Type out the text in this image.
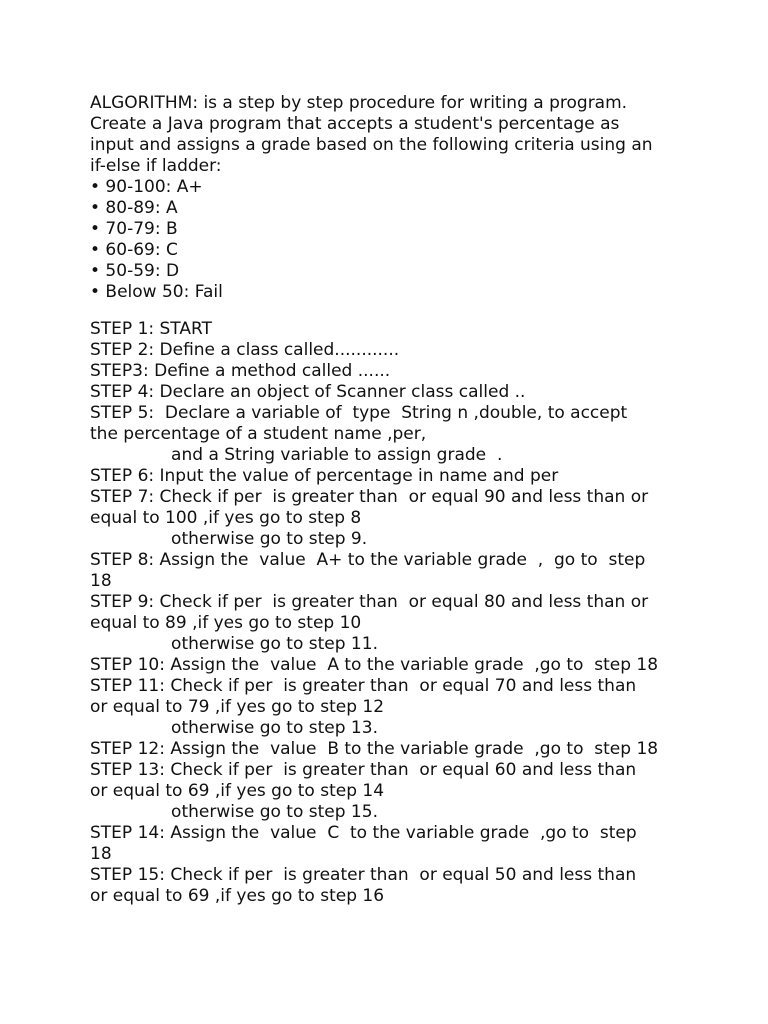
ALGORITHM: is a step by step procedure for writing a program.
Create a Java program that accepts a student's percentage as
input and assigns a grade based on the following criteria using an
if-else if ladder:
• 90-100: A+
• 80-89: A
• 70-79: B
• 60-69: C
• 50-59: D
• Below 50: Fail
STEP 1: START
STEP 2: Define a class called............
STEP3: Define a method called ......
STEP 4: Declare an object of Scanner class called ..
STEP 5:  Declare a variable of  type  String n ,double, to accept
the percentage of a student name ,per,
and a String variable to assign grade  .
STEP 6: Input the value of percentage in name and per
STEP 7: Check if per  is greater than  or equal 90 and less than or
equal to 100 ,if yes go to step 8
otherwise go to step 9.
STEP 8: Assign the  value  A+ to the variable grade  ,  go to  step
18
STEP 9: Check if per  is greater than  or equal 80 and less than or
equal to 89 ,if yes go to step 10
otherwise go to step 11.
STEP 10: Assign the  value  A to the variable grade  ,go to  step 18
STEP 11: Check if per  is greater than  or equal 70 and less than
or equal to 79 ,if yes go to step 12
otherwise go to step 13.
STEP 12: Assign the  value  B to the variable grade  ,go to  step 18
STEP 13: Check if per  is greater than  or equal 60 and less than
or equal to 69 ,if yes go to step 14
otherwise go to step 15.
STEP 14: Assign the  value  C  to the variable grade  ,go to  step
18
STEP 15: Check if per  is greater than  or equal 50 and less than
or equal to 69 ,if yes go to step 16
